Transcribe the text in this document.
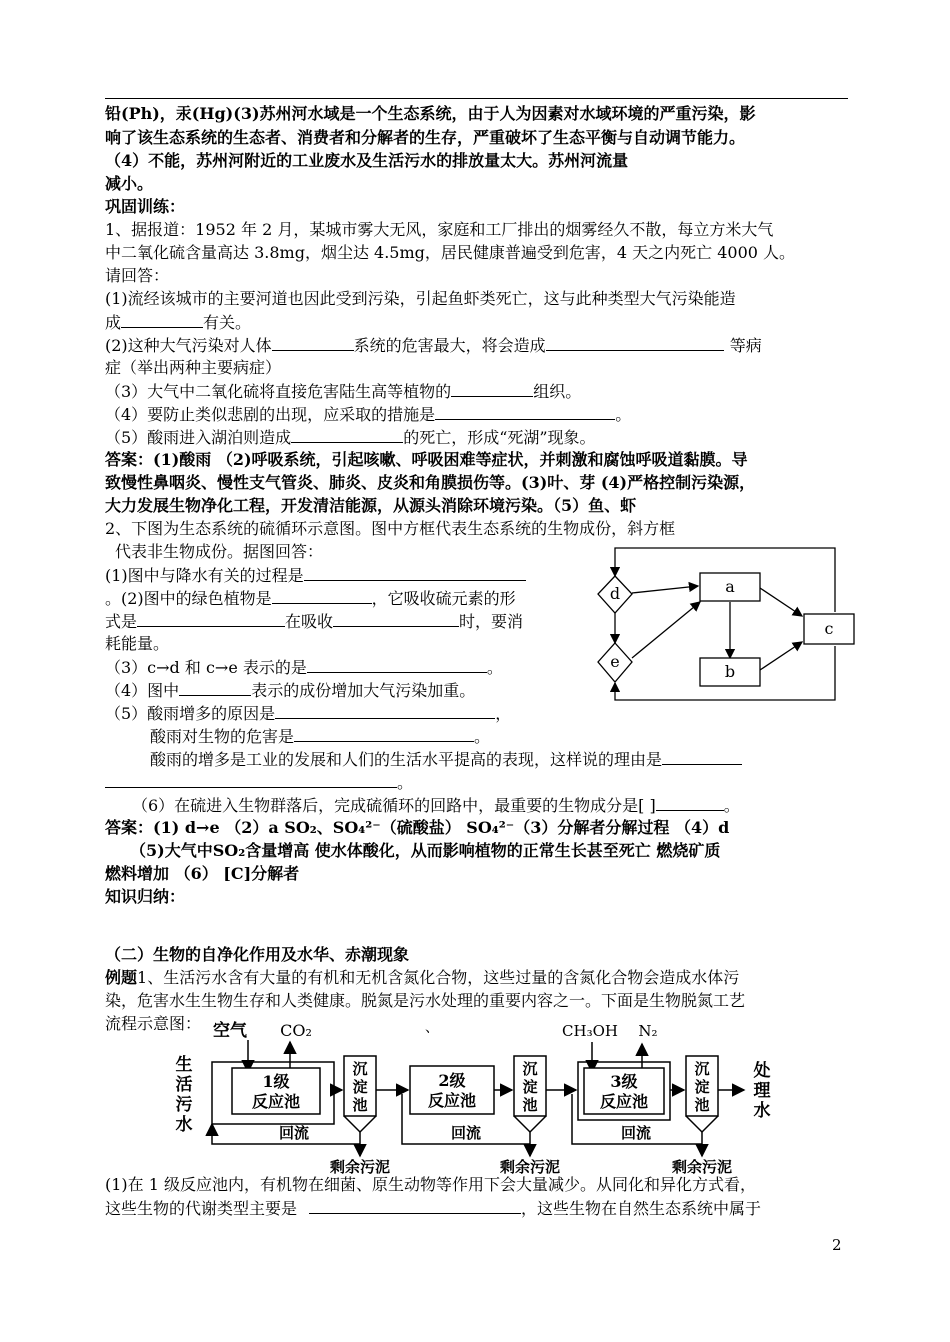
铅(Ph)，汞(Hg)(3)苏州河水域是一个生态系统，由于人为因素对水域环境的严重污染，影
响了该生态系统的生态者、消费者和分解者的生存，严重破坏了生态平衡与自动调节能力。
（4）不能，苏州河附近的工业废水及生活污水的排放量太大。苏州河流量
减小。
巩固训练：
1、据报道：1952 年 2 月，某城市雾大无风，家庭和工厂排出的烟雾经久不散，每立方米大气
中二氧化硫含量高达 3.8mg，烟尘达 4.5mg，居民健康普遍受到危害，4 天之内死亡 4000 人。
请回答：
(1)流经该城市的主要河道也因此受到污染，引起鱼虾类死亡，这与此种类型大气污染能造
成	有关。
(2)这种大气污染对人体	系统的危害最大，将会造成	等病
症（举出两种主要病症）
（3）大气中二氧化硫将直接危害陆生高等植物的	组织。
（4）要防止类似悲剧的出现，应采取的措施是	。
（5）酸雨进入湖泊则造成	的死亡，形成“死湖”现象。
答案：(1)酸雨 （2)呼吸系统，引起咳嗽、呼吸困难等症状，并刺激和腐蚀呼吸道黏膜。导
致慢性鼻咽炎、慢性支气管炎、肺炎、皮炎和角膜损伤等。(3)叶、芽 (4)严格控制污染源，
大力发展生物净化工程，开发清洁能源，从源头消除环境污染。（5）鱼、虾
2、下图为生态系统的硫循环示意图。图中方框代表生态系统的生物成份，斜方框
代表非生物成份。据图回答：
(1)图中与降水有关的过程是
。(2)图中的绿色植物是	，它吸收硫元素的形
式是	在吸收	时，要消
耗能量。
（3）c→d 和 c→e 表示的是	。
（4）图中	表示的成份增加大气污染加重。
（5）酸雨增多的原因是	，
酸雨对生物的危害是	。
酸雨的增多是工业的发展和人们的生活水平提高的表现，这样说的理由是
。
（6）在硫进入生物群落后，完成硫循环的回路中，最重要的生物成分是[ ]	。
答案：(1) d→e （2）a SO₂、SO₄²⁻（硫酸盐） SO₄²⁻（3）分解者分解过程 （4）d
（5)大气中SO₂含量增高 使水体酸化，从而影响植物的正常生长甚至死亡 燃烧矿质
燃料增加 （6） [C]分解者
知识归纳：
a
b
c
d
e
（二）生物的自净化作用及水华、赤潮现象
例题1、生活污水含有大量的有机和无机含氮化合物，这些过量的含氮化合物会造成水体污
染，危害水生生物生存和人类健康。脱氮是污水处理的重要内容之一。下面是生物脱氮工艺
流程示意图：	、
生
活
污
水
空气 CO₂
1级
反应池
沉
淀
池
2级
反应池
沉
淀
池
CH₃OH N₂
3级
反应池
沉
淀
池
处
理
水
回流	回流	回流
剩余污泥	剩余污泥	剩余污泥
(1)在 1 级反应池内，有机物在细菌、原生动物等作用下会大量减少。从同化和异化方式看，
这些生物的代谢类型主要是	，这些生物在自然生态系统中属于
2
